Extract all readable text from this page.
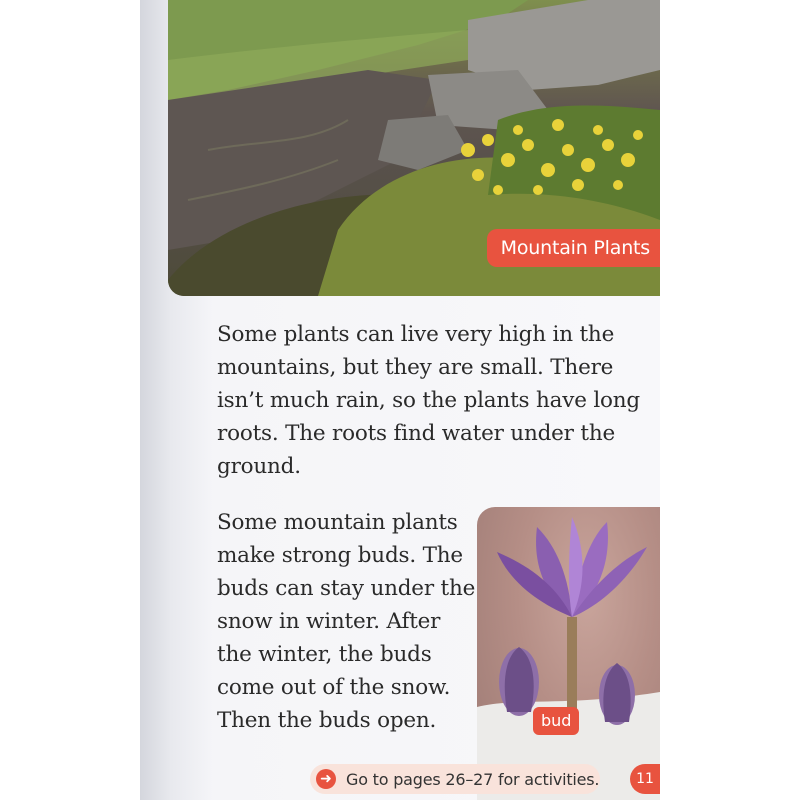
Mountain Plants

Some plants can live very high in the mountains, but they are small. There isn’t much rain, so the plants have long roots. The roots find water under the ground.

Some mountain plants make strong buds. The buds can stay under the snow in winter. After the winter, the buds come out of the snow. Then the buds open.	bud
➜ Go to pages 26–27 for activities.	11
